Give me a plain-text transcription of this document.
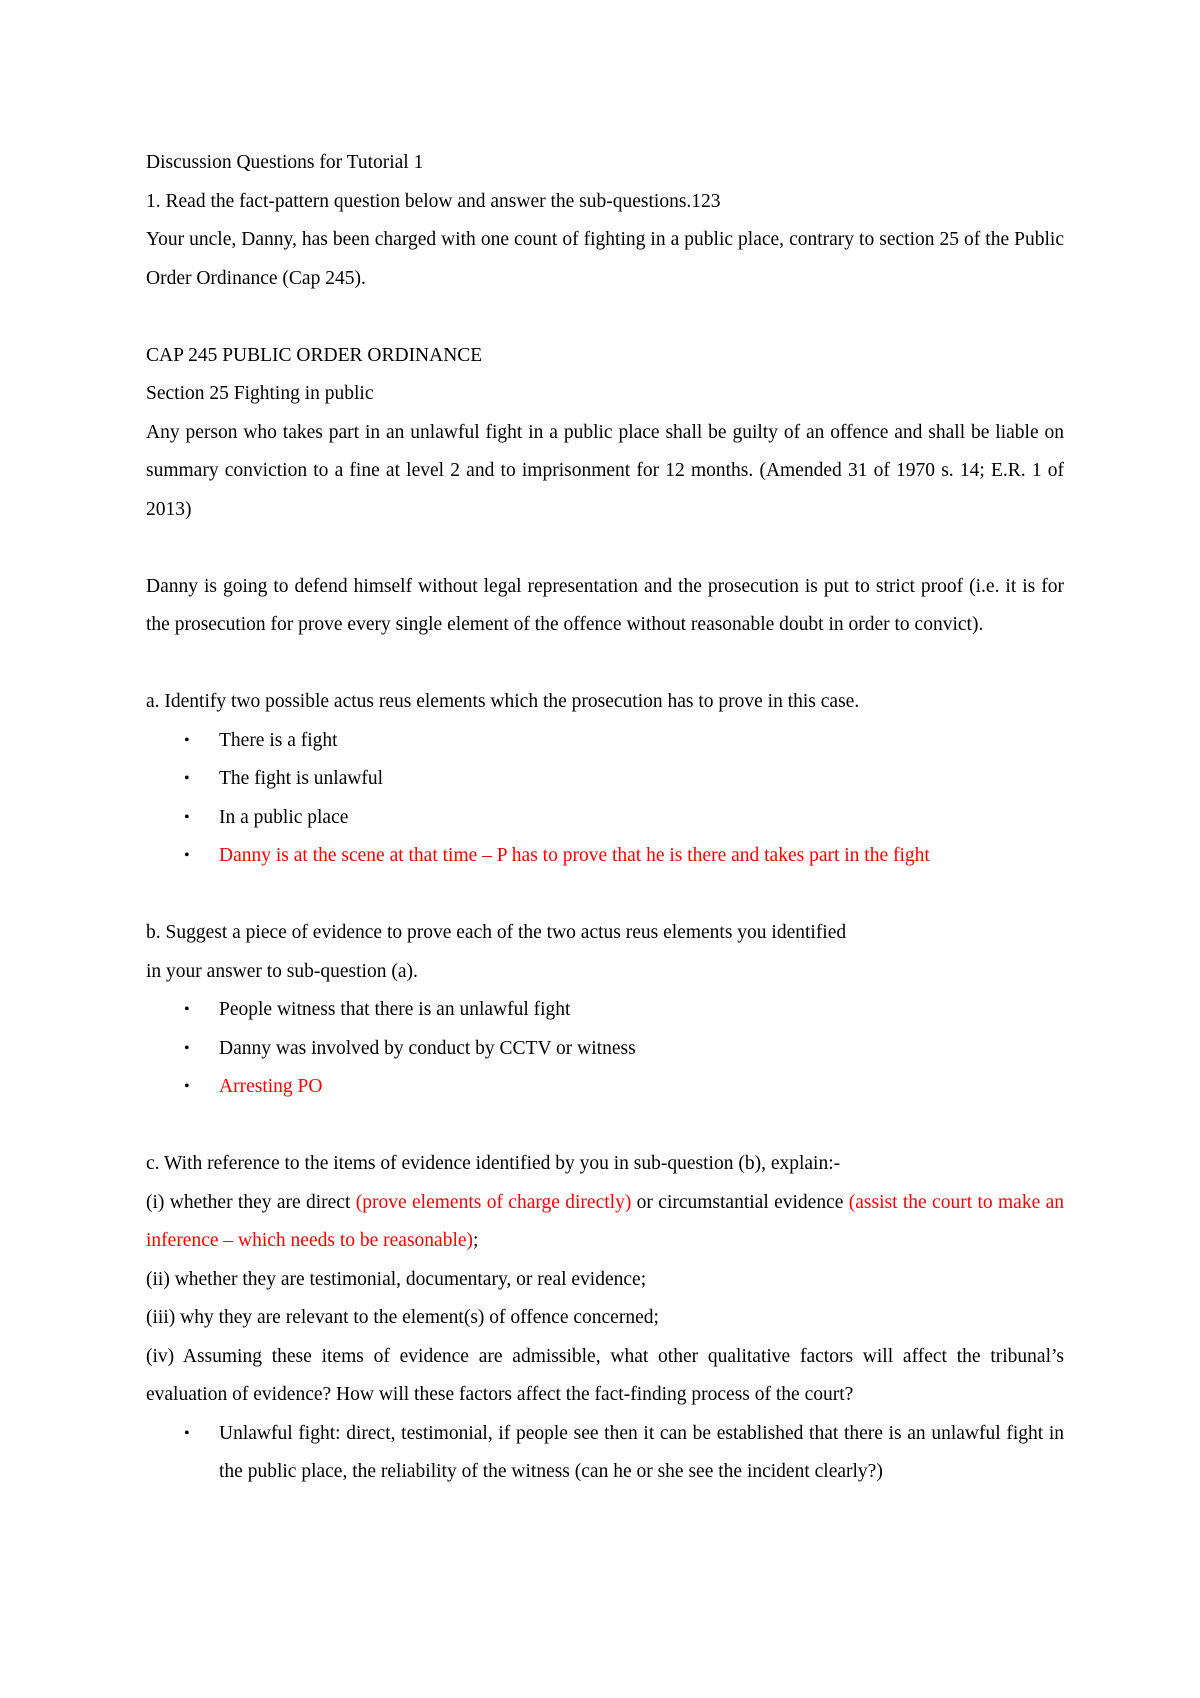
Discussion Questions for Tutorial 1

1. Read the fact-pattern question below and answer the sub-questions.123

Your uncle, Danny, has been charged with one count of fighting in a public place, contrary to section 25 of the Public Order Ordinance (Cap 245).

CAP 245 PUBLIC ORDER ORDINANCE

Section 25 Fighting in public

Any person who takes part in an unlawful fight in a public place shall be guilty of an offence and shall be liable on summary conviction to a fine at level 2 and to imprisonment for 12 months. (Amended 31 of 1970 s. 14; E.R. 1 of 2013)

Danny is going to defend himself without legal representation and the prosecution is put to strict proof (i.e. it is for the prosecution for prove every single element of the offence without reasonable doubt in order to convict).

a. Identify two possible actus reus elements which the prosecution has to prove in this case.

• There is a fight
• The fight is unlawful
• In a public place
• Danny is at the scene at that time – P has to prove that he is there and takes part in the fight

b. Suggest a piece of evidence to prove each of the two actus reus elements you identified

in your answer to sub-question (a).

• People witness that there is an unlawful fight
• Danny was involved by conduct by CCTV or witness
• Arresting PO

c. With reference to the items of evidence identified by you in sub-question (b), explain:-

(i) whether they are direct (prove elements of charge directly) or circumstantial evidence (assist the court to make an inference – which needs to be reasonable);

(ii) whether they are testimonial, documentary, or real evidence;

(iii) why they are relevant to the element(s) of offence concerned;

(iv) Assuming these items of evidence are admissible, what other qualitative factors will affect the tribunal’s evaluation of evidence? How will these factors affect the fact-finding process of the court?

• Unlawful fight: direct, testimonial, if people see then it can be established that there is an unlawful fight in the public place, the reliability of the witness (can he or she see the incident clearly?)
